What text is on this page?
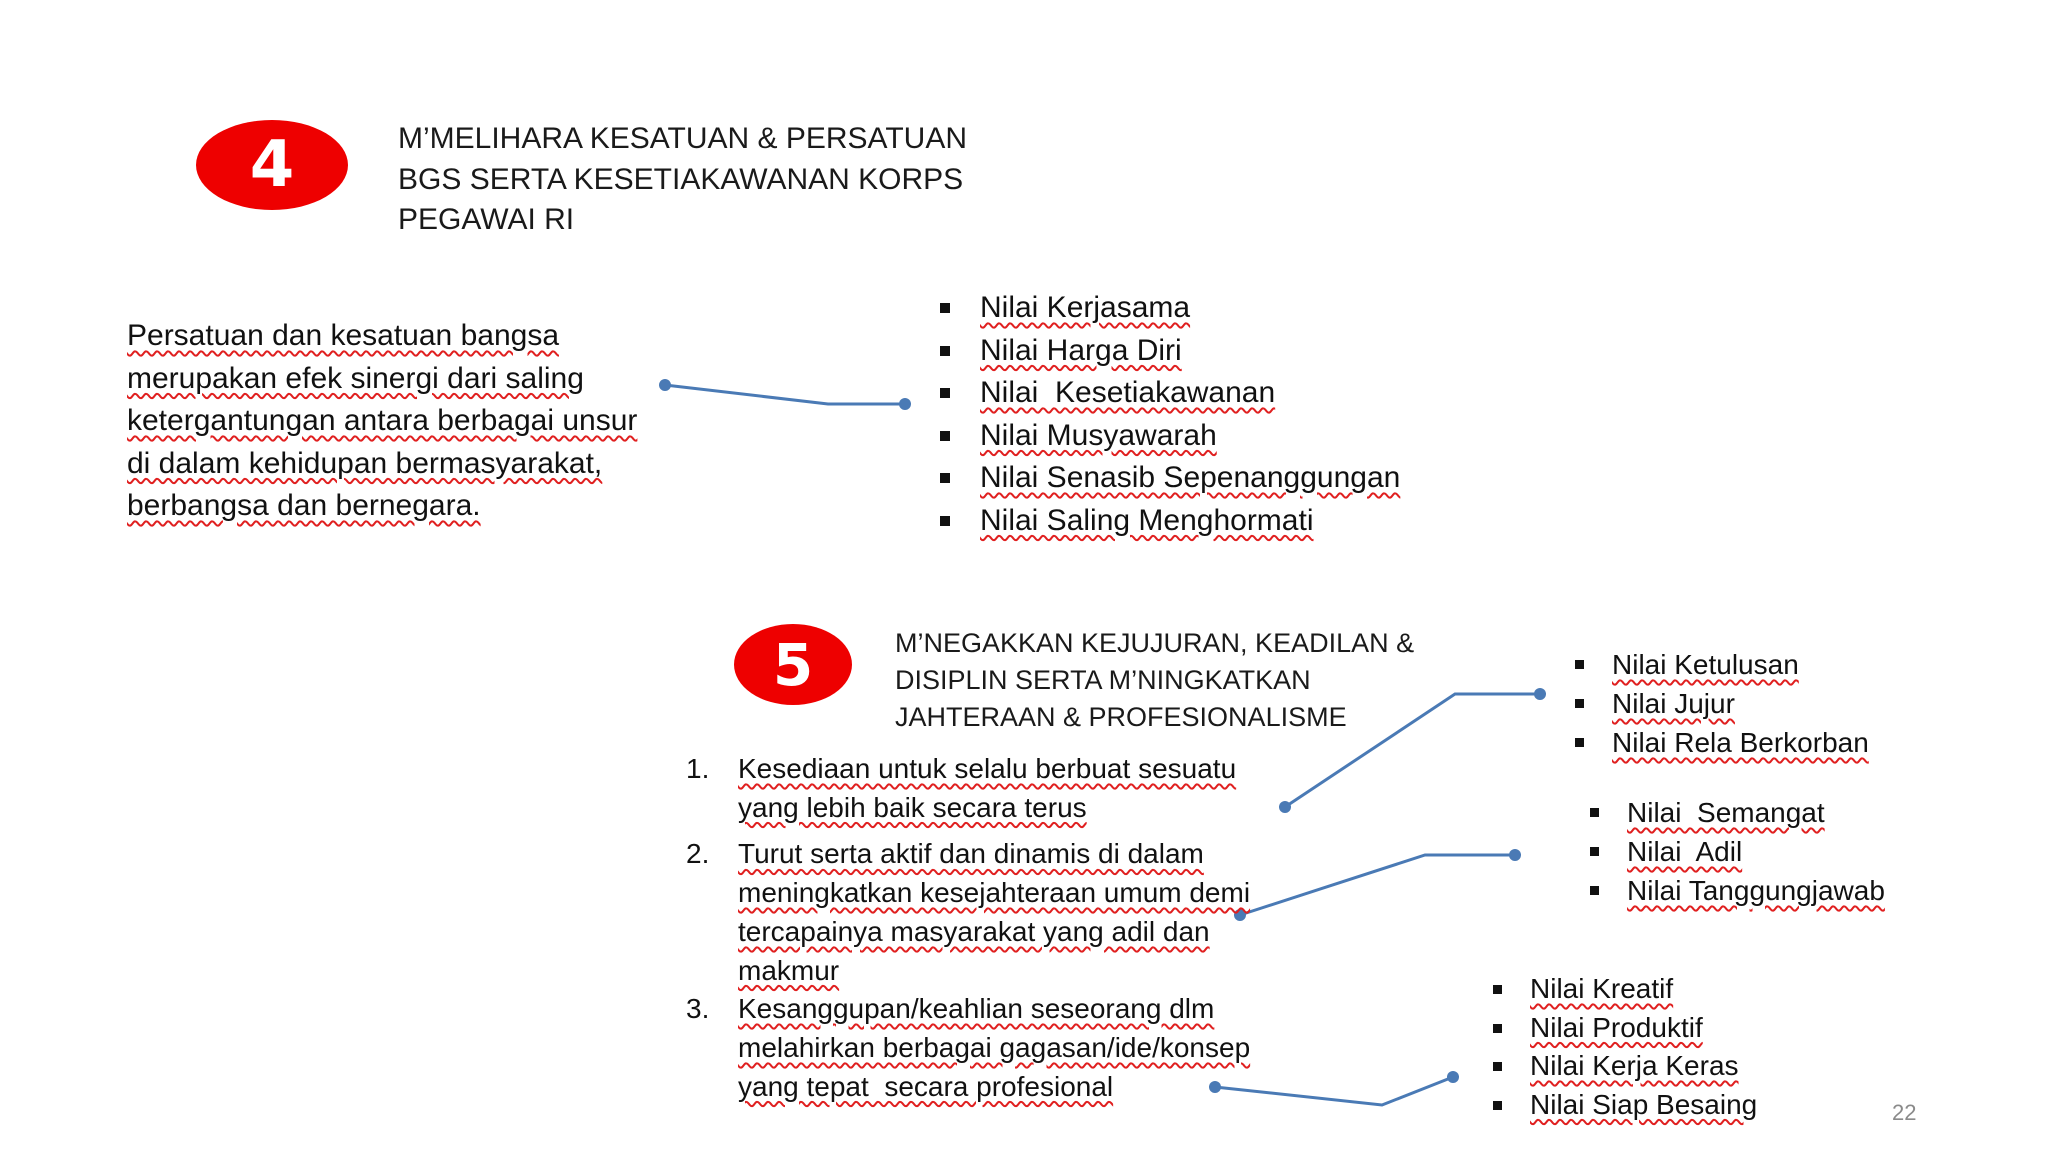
4	M’MELIHARA KESATUAN & PERSATUAN
BGS SERTA KESETIAKAWANAN KORPS
PEGAWAI RI
Persatuan dan kesatuan bangsa
merupakan efek sinergi dari saling
ketergantungan antara berbagai unsur
di dalam kehidupan bermasyarakat,
berbangsa dan bernegara.
Nilai Kerjasama
Nilai Harga Diri
Nilai  Kesetiakawanan
Nilai Musyawarah
Nilai Senasib Sepenanggungan
Nilai Saling Menghormati
5	M’NEGAKKAN KEJUJURAN, KEADILAN &
DISIPLIN SERTA M’NINGKATKAN
JAHTERAAN & PROFESIONALISME
1. Kesediaan untuk selalu berbuat sesuatu
yang lebih baik secara terus
2. Turut serta aktif dan dinamis di dalam
meningkatkan kesejahteraan umum demi
tercapainya masyarakat yang adil dan
makmur
3. Kesanggupan/keahlian seseorang dlm
melahirkan berbagai gagasan/ide/konsep
yang tepat  secara profesional
Nilai Ketulusan
Nilai Jujur
Nilai Rela Berkorban
Nilai  Semangat
Nilai  Adil
Nilai Tanggungjawab
Nilai Kreatif
Nilai Produktif
Nilai Kerja Keras
Nilai Siap Besaing	22
